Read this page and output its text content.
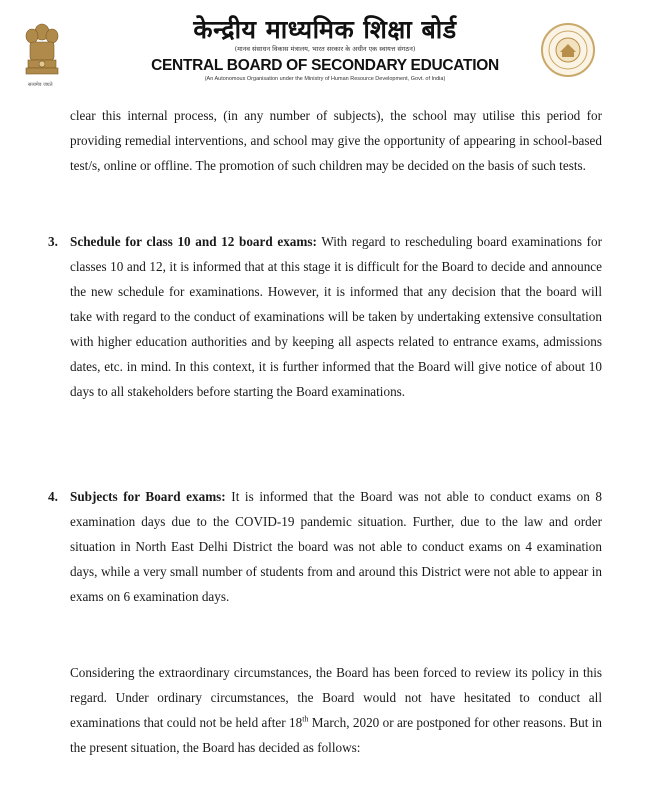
सत्यमेव जयते
केन्द्रीय माध्यमिक शिक्षा बोर्ड
(मानव संसाधन विकास मंत्रालय, भारत सरकार के अधीन एक स्वायत्त संगठन)
CENTRAL BOARD OF SECONDARY EDUCATION
(An Autonomous Organisation under the Ministry of Human Resource Development, Govt. of India)
clear this internal process, (in any number of subjects), the school may utilise this period for providing remedial interventions, and school may give the opportunity of appearing in school-based test/s, online or offline. The promotion of such children may be decided on the basis of such tests.
3. Schedule for class 10 and 12 board exams: With regard to rescheduling board examinations for classes 10 and 12, it is informed that at this stage it is difficult for the Board to decide and announce the new schedule for examinations. However, it is informed that any decision that the board will take with regard to the conduct of examinations will be taken by undertaking extensive consultation with higher education authorities and by keeping all aspects related to entrance exams, admissions dates, etc. in mind. In this context, it is further informed that the Board will give notice of about 10 days to all stakeholders before starting the Board examinations.
4. Subjects for Board exams: It is informed that the Board was not able to conduct exams on 8 examination days due to the COVID-19 pandemic situation. Further, due to the law and order situation in North East Delhi District the board was not able to conduct exams on 4 examination days, while a very small number of students from and around this District were not able to appear in exams on 6 examination days.
Considering the extraordinary circumstances, the Board has been forced to review its policy in this regard. Under ordinary circumstances, the Board would not have hesitated to conduct all examinations that could not be held after 18th March, 2020 or are postponed for other reasons. But in the present situation, the Board has decided as follows:
